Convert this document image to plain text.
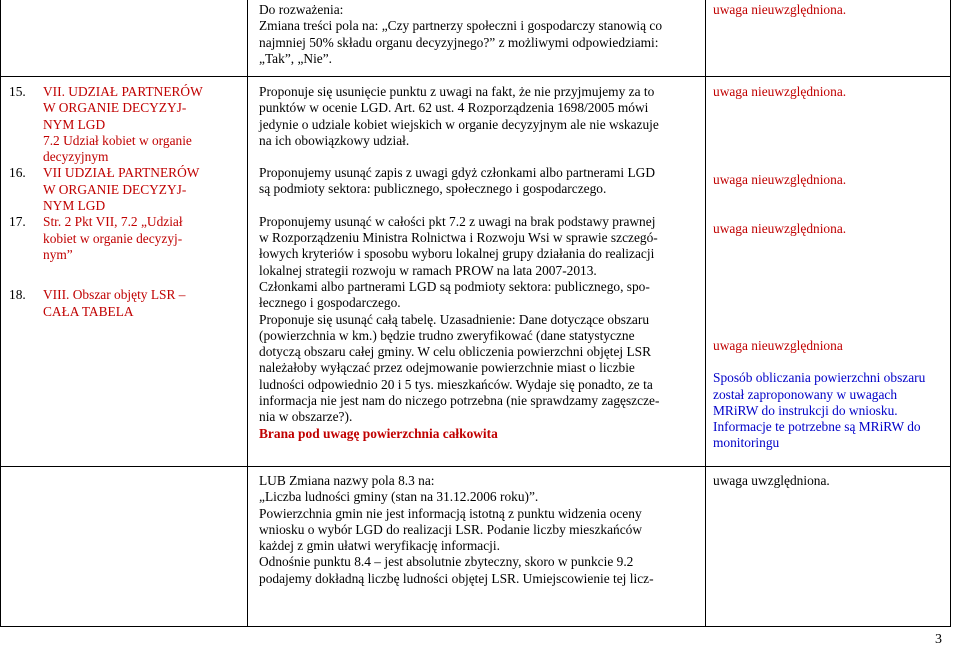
Do rozważenia:

Zmiana treści pola na: „Czy partnerzy społeczni i gospodarczy stanowią co

najmniej 50% składu organu decyzyjnego?” z możliwymi odpowiedziami:

„Tak”, „Nie”.

uwaga nieuwzględniona.

15. VII. UDZIAŁ PARTNERÓW

W ORGANIE DECYZYJ-

NYM LGD

7.2 Udział kobiet w organie

decyzyjnym

16. VII UDZIAŁ PARTNERÓW

W ORGANIE DECYZYJ-

NYM LGD

17. Str. 2 Pkt VII, 7.2 „Udział

kobiet w organie decyzyj-

nym”

18. VIII. Obszar objęty LSR –

CAŁA TABELA

Proponuje się usunięcie punktu z uwagi na fakt, że nie przyjmujemy za to

punktów w ocenie LGD. Art. 62 ust. 4 Rozporządzenia 1698/2005 mówi

jedynie o udziale kobiet wiejskich w organie decyzyjnym ale nie wskazuje

na ich obowiązkowy udział.

Proponujemy usunąć zapis z uwagi gdyż członkami albo partnerami LGD

są podmioty sektora: publicznego, społecznego i gospodarczego.

Proponujemy usunąć w całości pkt 7.2 z uwagi na brak podstawy prawnej

w Rozporządzeniu Ministra Rolnictwa i Rozwoju Wsi w sprawie szczegó-

łowych kryteriów i sposobu wyboru lokalnej grupy działania do realizacji

lokalnej strategii rozwoju w ramach PROW na lata 2007-2013.

Członkami albo partnerami LGD są podmioty sektora: publicznego, spo-

łecznego i gospodarczego.

Proponuje się usunąć całą tabelę. Uzasadnienie: Dane dotyczące obszaru

(powierzchnia w km.) będzie trudno zweryfikować (dane statystyczne

dotyczą obszaru całej gminy. W celu obliczenia powierzchni objętej LSR

należałoby wyłączać przez odejmowanie powierzchnie miast o liczbie

ludności odpowiednio 20 i 5 tys. mieszkańców. Wydaje się ponadto, ze ta

informacja nie jest nam do niczego potrzebna (nie sprawdzamy zagęszcze-

nia w obszarze?).

Brana pod uwagę powierzchnia całkowita

uwaga nieuwzględniona.

uwaga nieuwzględniona.

uwaga nieuwzględniona.

uwaga nieuwzględniona

Sposób obliczania powierzchni obszaru

został zaproponowany w uwagach

MRiRW do instrukcji do wniosku.

Informacje te potrzebne są MRiRW do

monitoringu

LUB Zmiana nazwy pola 8.3 na:

„Liczba ludności gminy (stan na 31.12.2006 roku)”.

Powierzchnia gmin nie jest informacją istotną z punktu widzenia oceny

wniosku o wybór LGD do realizacji LSR. Podanie liczby mieszkańców

każdej z gmin ułatwi weryfikację informacji.

Odnośnie punktu 8.4 – jest absolutnie zbyteczny, skoro w punkcie 9.2

podajemy dokładną liczbę ludności objętej LSR. Umiejscowienie tej licz-

uwaga uwzględniona.

3
